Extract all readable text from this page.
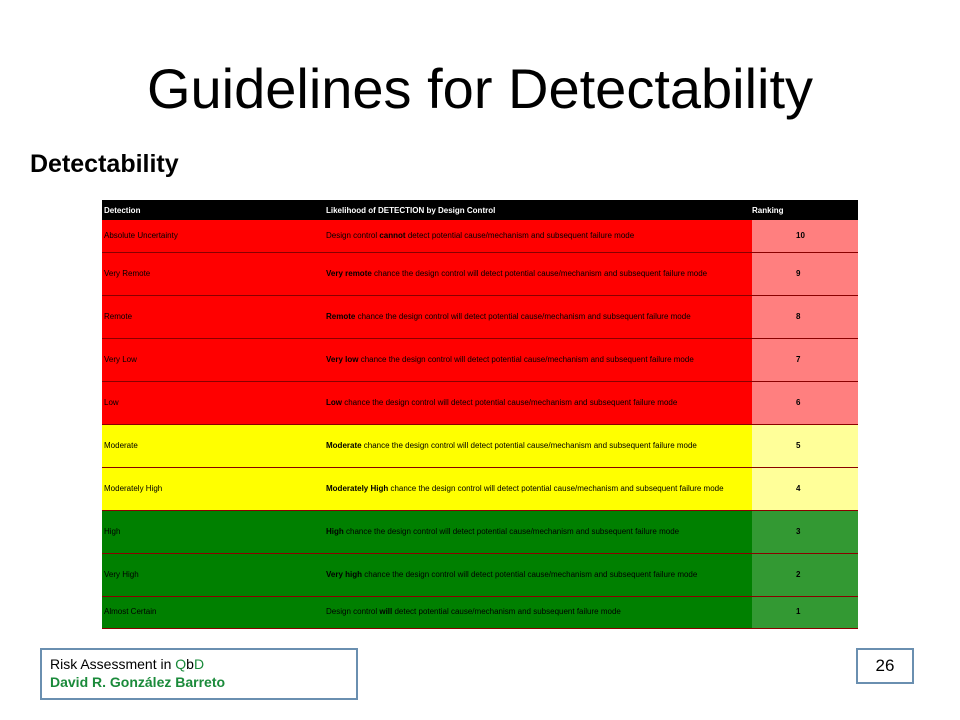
Guidelines for Detectability
Detectability
Detection	Likelihood of DETECTION by Design Control	Ranking
Absolute Uncertainty	Design control cannot detect potential cause/mechanism and subsequent failure mode	10
Very Remote	Very remote chance the design control will detect potential cause/mechanism and subsequent failure mode	9
Remote	Remote chance the design control will detect potential cause/mechanism and subsequent failure mode	8
Very Low	Very low chance the design control will detect potential cause/mechanism and subsequent failure mode	7
Low	Low chance the design control will detect potential cause/mechanism and subsequent failure mode	6
Moderate	Moderate chance the design control will detect potential cause/mechanism and subsequent failure mode	5
Moderately High	Moderately High chance the design control will detect potential cause/mechanism and subsequent failure mode	4
High	High chance the design control will detect potential cause/mechanism and subsequent failure mode	3
Very High	Very high chance the design control will detect potential cause/mechanism and subsequent failure mode	2
Almost Certain	Design control will detect potential cause/mechanism and subsequent failure mode	1
Risk Assessment in QbD
David R. González Barreto
26
